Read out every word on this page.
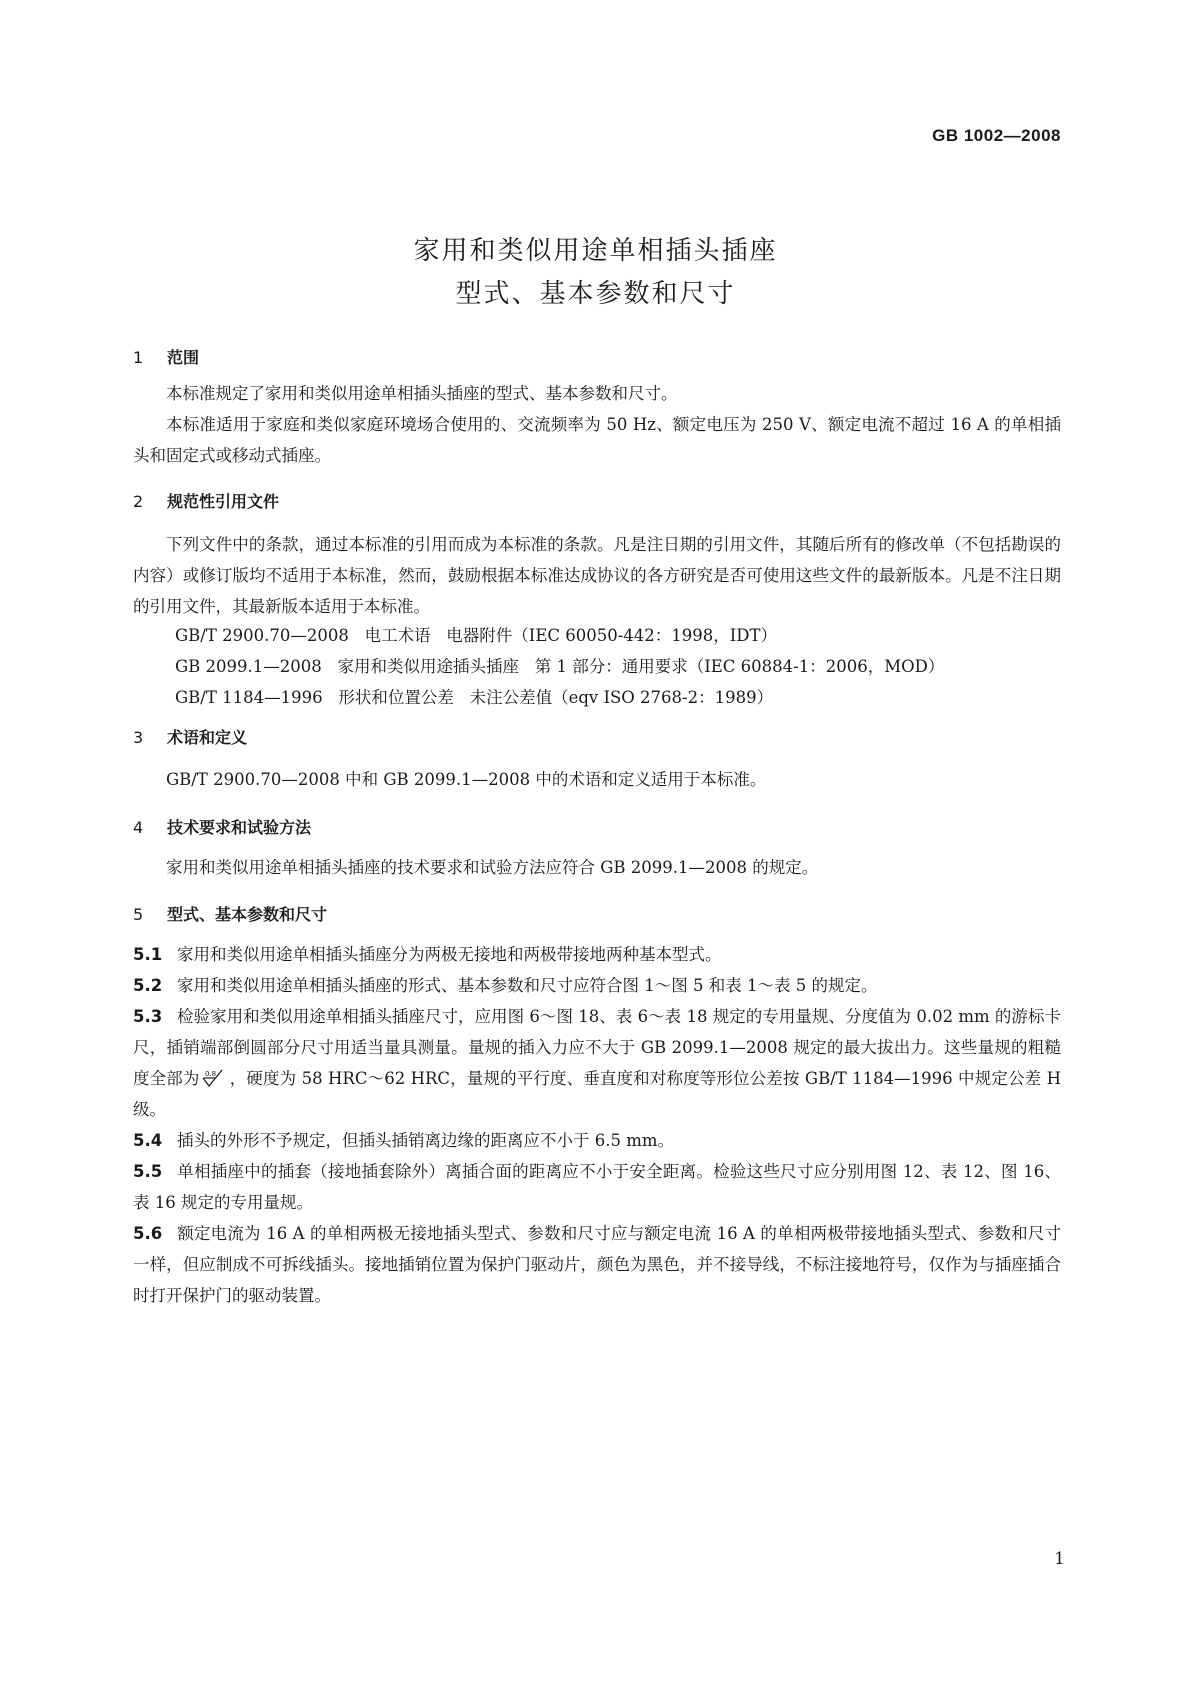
GB 1002—2008
家用和类似用途单相插头插座
型式、基本参数和尺寸
1 范围
本标准规定了家用和类似用途单相插头插座的型式、基本参数和尺寸。
本标准适用于家庭和类似家庭环境场合使用的、交流频率为 50 Hz、额定电压为 250 V、额定电流不超过 16 A 的单相插头和固定式或移动式插座。
2 规范性引用文件
下列文件中的条款，通过本标准的引用而成为本标准的条款。凡是注日期的引用文件，其随后所有的修改单（不包括勘误的内容）或修订版均不适用于本标准，然而，鼓励根据本标准达成协议的各方研究是否可使用这些文件的最新版本。凡是不注日期的引用文件，其最新版本适用于本标准。
GB/T 2900.70—2008   电工术语   电器附件（IEC 60050-442：1998，IDT）
GB 2099.1—2008   家用和类似用途插头插座   第 1 部分：通用要求（IEC 60884-1：2006，MOD）
GB/T 1184—1996   形状和位置公差   未注公差值（eqv ISO 2768-2：1989）
3 术语和定义
GB/T 2900.70—2008 中和 GB 2099.1—2008 中的术语和定义适用于本标准。
4 技术要求和试验方法
家用和类似用途单相插头插座的技术要求和试验方法应符合 GB 2099.1—2008 的规定。
5 型式、基本参数和尺寸
5.1 家用和类似用途单相插头插座分为两极无接地和两极带接地两种基本型式。
5.2 家用和类似用途单相插头插座的形式、基本参数和尺寸应符合图 1～图 5 和表 1～表 5 的规定。
5.3 检验家用和类似用途单相插头插座尺寸，应用图 6～图 18、表 6～表 18 规定的专用量规、分度值为 0.02 mm 的游标卡尺，插销端部倒圆部分尺寸用适当量具测量。量规的插入力应不大于 GB 2099.1—2008 规定的最大拔出力。这些量规的粗糙度全部为 0.8 ，硬度为 58 HRC～62 HRC，量规的平行度、垂直度和对称度等形位公差按 GB/T 1184—1996 中规定公差 H 级。
5.4 插头的外形不予规定，但插头插销离边缘的距离应不小于 6.5 mm。
5.5 单相插座中的插套（接地插套除外）离插合面的距离应不小于安全距离。检验这些尺寸应分别用图 12、表 12、图 16、表 16 规定的专用量规。
5.6 额定电流为 16 A 的单相两极无接地插头型式、参数和尺寸应与额定电流 16 A 的单相两极带接地插头型式、参数和尺寸一样，但应制成不可拆线插头。接地插销位置为保护门驱动片，颜色为黑色，并不接导线，不标注接地符号，仅作为与插座插合时打开保护门的驱动装置。
1
